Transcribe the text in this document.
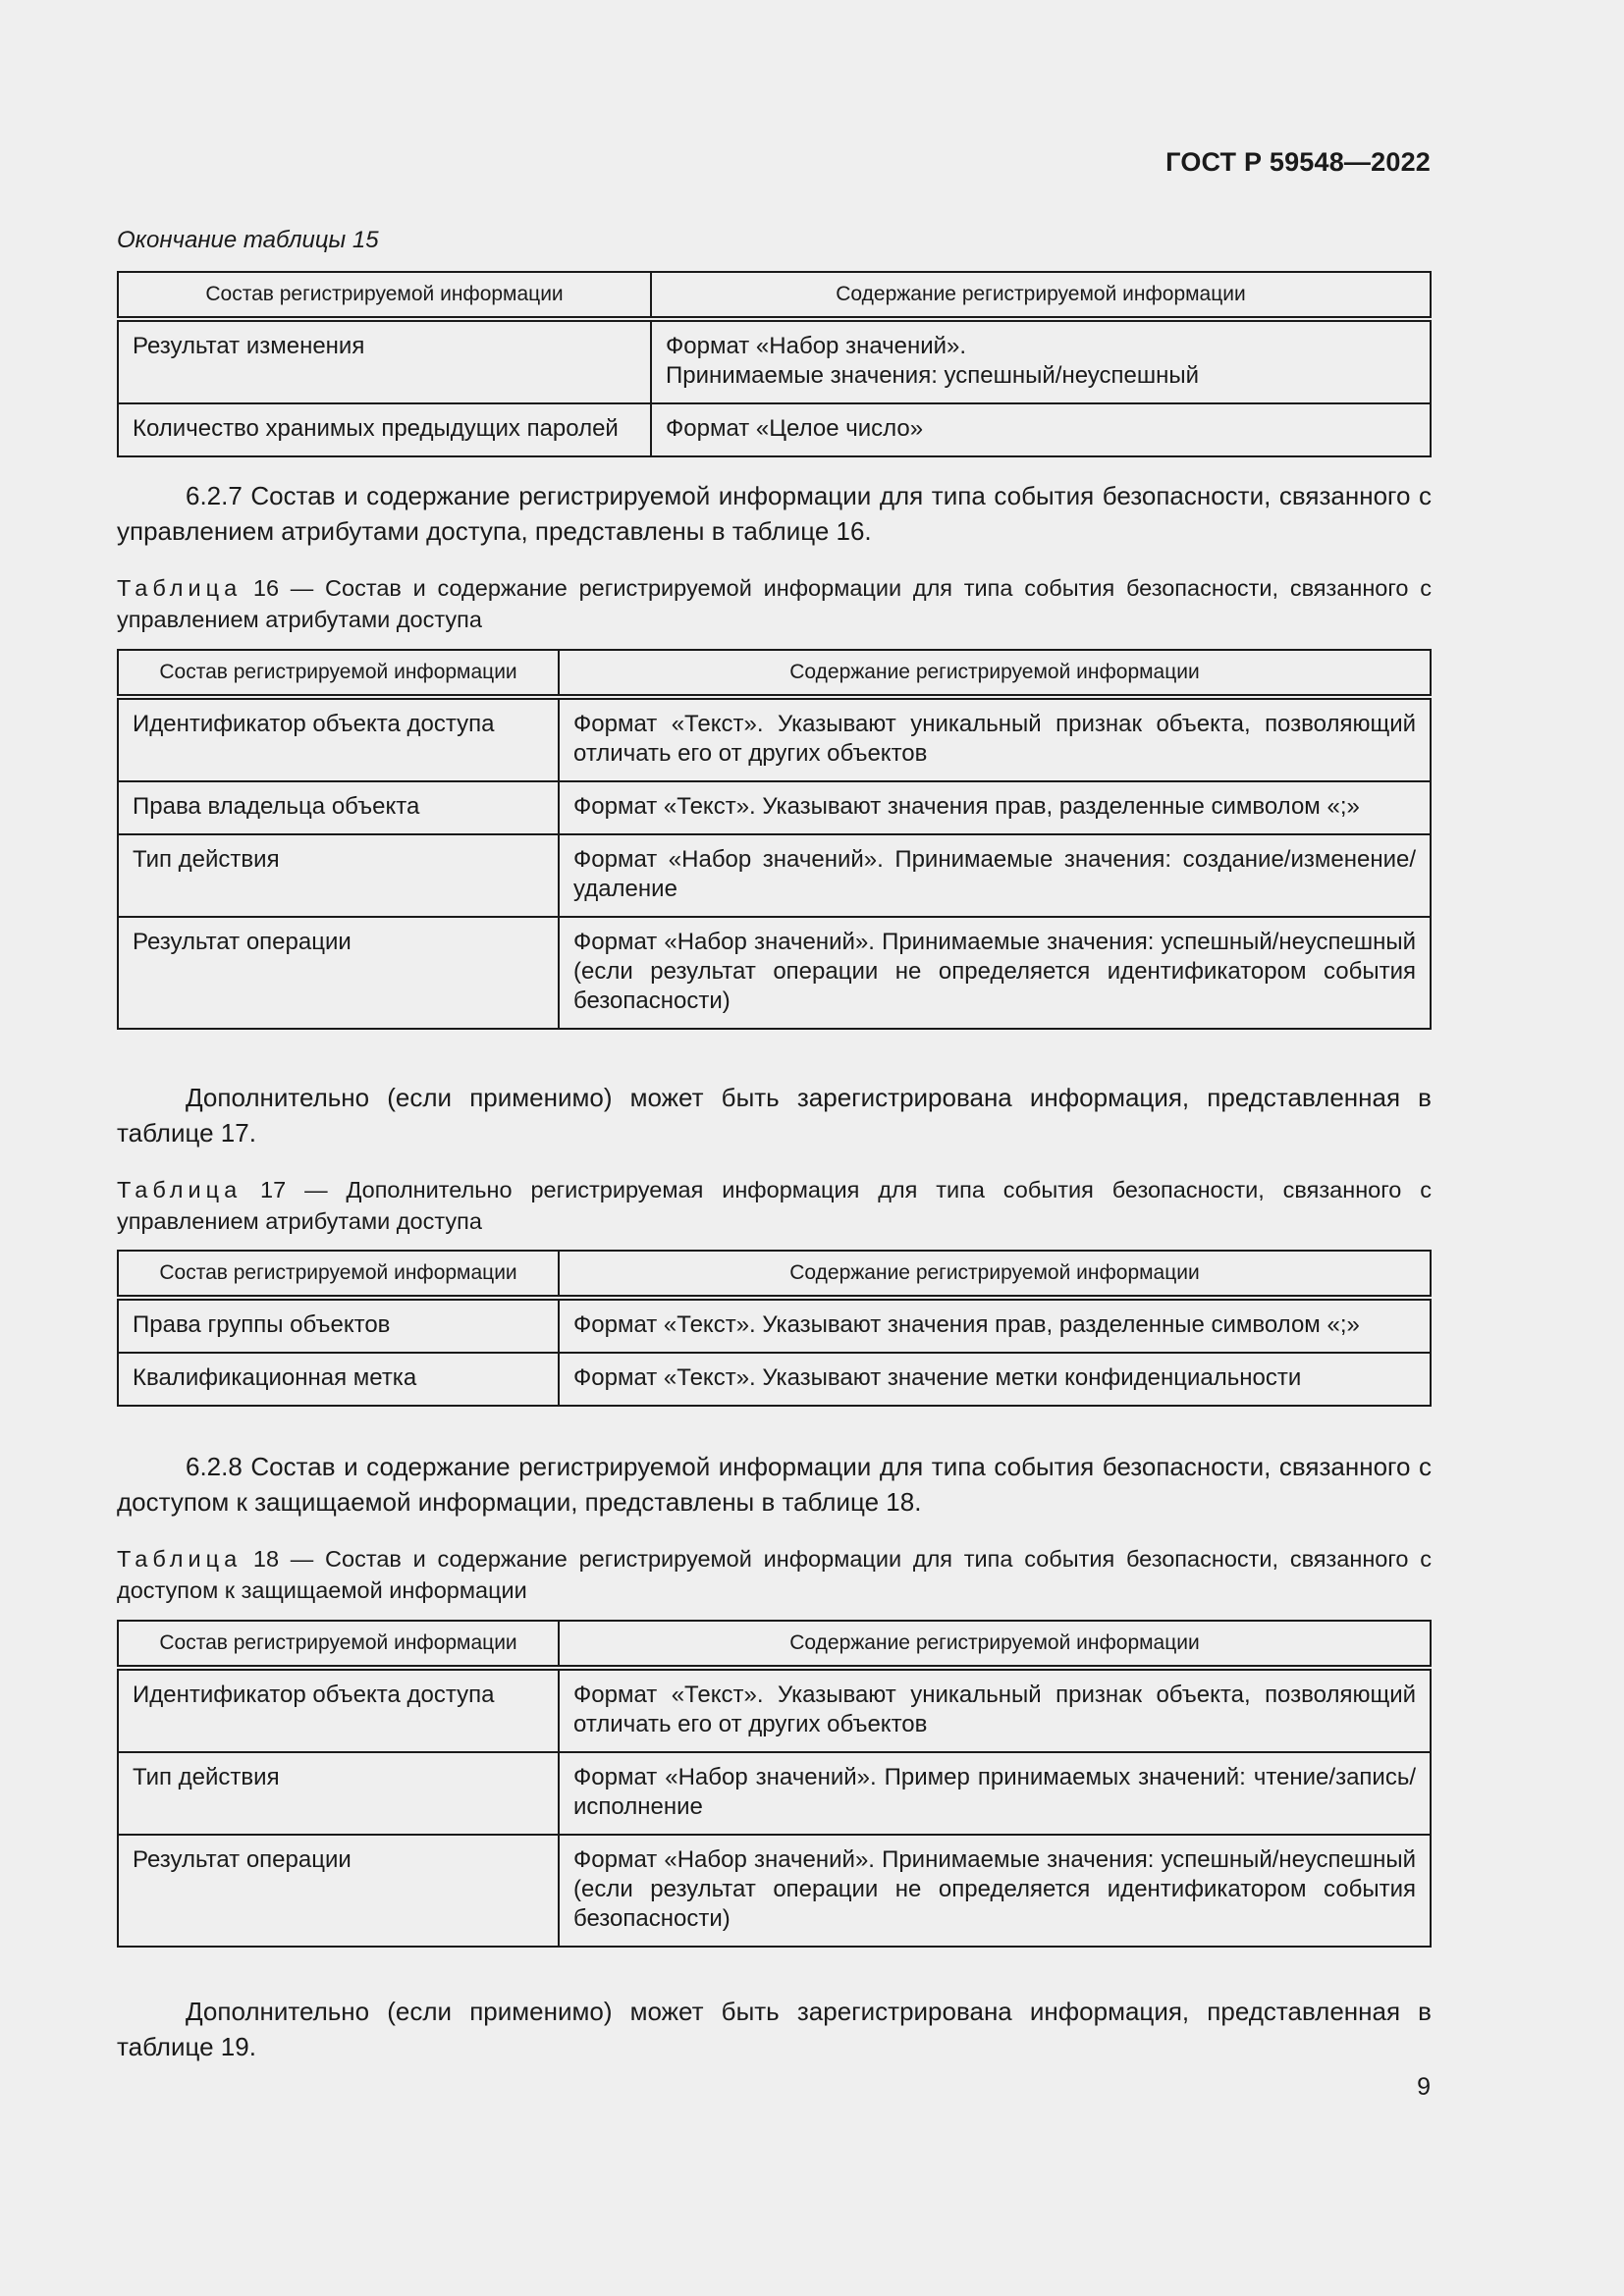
ГОСТ Р 59548—2022
Окончание таблицы 15
Состав регистрируемой информации	Содержание регистрируемой информации
Результат изменения	Формат «Набор значений».
Принимаемые значения: успешный/неуспешный

Количество хранимых предыдущих паролей	Формат «Целое число»

6.2.7 Состав и содержание регистрируемой информации для типа события безопасности, связанного с управлением атрибутами доступа, представлены в таблице 16.

Таблица 16 — Состав и содержание регистрируемой информации для типа события безопасности, связанного с управлением атрибутами доступа

Состав регистрируемой информации	Содержание регистрируемой информации
Идентификатор объекта доступа	Формат «Текст». Указывают уникальный признак объекта, позволяющий отличать его от других объектов
Права владельца объекта	Формат «Текст». Указывают значения прав, разделенные символом «;»
Тип действия	Формат «Набор значений». Принимаемые значения: создание/изменение/удаление
Результат операции	Формат «Набор значений». Принимаемые значения: успешный/неуспешный (если результат операции не определяется идентификатором события безопасности)

Дополнительно (если применимо) может быть зарегистрирована информация, представленная в таблице 17.

Таблица 17 — Дополнительно регистрируемая информация для типа события безопасности, связанного с управлением атрибутами доступа

Состав регистрируемой информации	Содержание регистрируемой информации
Права группы объектов	Формат «Текст». Указывают значения прав, разделенные символом «;»
Квалификационная метка	Формат «Текст». Указывают значение метки конфиденциальности

6.2.8 Состав и содержание регистрируемой информации для типа события безопасности, связанного с доступом к защищаемой информации, представлены в таблице 18.

Таблица 18 — Состав и содержание регистрируемой информации для типа события безопасности, связанного с доступом к защищаемой информации

Состав регистрируемой информации	Содержание регистрируемой информации
Идентификатор объекта доступа	Формат «Текст». Указывают уникальный признак объекта, позволяющий отличать его от других объектов
Тип действия	Формат «Набор значений». Пример принимаемых значений: чтение/запись/исполнение
Результат операции	Формат «Набор значений». Принимаемые значения: успешный/неуспешный (если результат операции не определяется идентификатором события безопасности)

Дополнительно (если применимо) может быть зарегистрирована информация, представленная в таблице 19.

9
